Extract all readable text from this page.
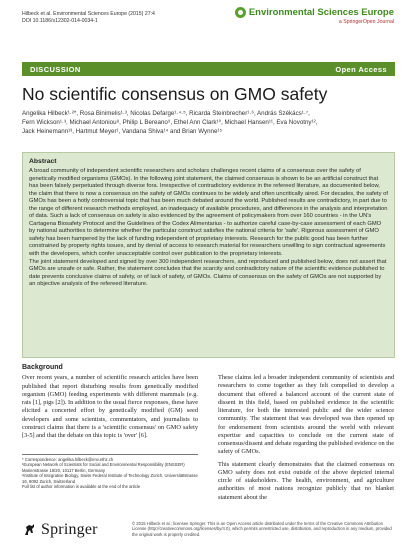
Hilbeck et al. Environmental Sciences Europe (2015) 27:4
DOI 10.1186/s12302-014-0034-1
Environmental Sciences Europe
a SpringerOpen Journal
DISCUSSION	Open Access
No scientific consensus on GMO safety
Angelika Hilbeck¹·²*, Rosa Binimelis¹·³, Nicolas Defarge¹·⁴·⁵, Ricarda Steinbrecher¹·⁶, András Székács¹·⁷,
Fern Wickson¹·³, Michael Antoniou⁸, Philip L Bereano⁹, Ethel Ann Clark¹⁰, Michael Hansen¹¹, Eva Novotny¹²,
Jack Heinemann¹³, Hartmut Meyer¹, Vandana Shiva¹⁴ and Brian Wynne¹⁵
Abstract

A broad community of independent scientific researchers and scholars challenges recent claims of a consensus over the safety of genetically modified organisms (GMOs). In the following joint statement, the claimed consensus is shown to be an artificial construct that has been falsely perpetuated through diverse fora. Irrespective of contradictory evidence in the refereed literature, as documented below, the claim that there is now a consensus on the safety of GMOs continues to be widely and often uncritically aired. For decades, the safety of GMOs has been a hotly controversial topic that has been much debated around the world. Published results are contradictory, in part due to the range of different research methods employed, an inadequacy of available procedures, and differences in the analysis and interpretation of data. Such a lack of consensus on safety is also evidenced by the agreement of policymakers from over 160 countries - in the UN's Cartagena Biosafety Protocol and the Guidelines of the Codex Alimentarius - to authorize careful case-by-case assessment of each GMO by national authorities to determine whether the particular construct satisfies the national criteria for 'safe'. Rigorous assessment of GMO safety has been hampered by the lack of funding independent of proprietary interests. Research for the public good has been further constrained by property rights issues, and by denial of access to research material for researchers unwilling to sign contractual agreements with the developers, which confer unacceptable control over publication to the proprietary interests.

The joint statement developed and signed by over 300 independent researchers, and reproduced and published below, does not assert that GMOs are unsafe or safe. Rather, the statement concludes that the scarcity and contradictory nature of the scientific evidence published to date prevents conclusive claims of safety, or of lack of safety, of GMOs. Claims of consensus on the safety of GMOs are not supported by an objective analysis of the refereed literature.

Background

Over recent years, a number of scientific research articles have been published that report disturbing results from genetically modified organism (GMO) feeding experiments with different mammals (e.g. rats [1], pigs [2]). In addition to the usual fierce responses, these have elicited a concerted effort by genetically modified (GM) seed developers and some scientists, commentators, and journalists to construct claims that there is a 'scientific consensus' on GMO safety [3-5] and that the debate on this topic is 'over' [6].

These claims led a broader independent community of scientists and researchers to come together as they felt compelled to develop a document that offered a balanced account of the current state of dissent in this field, based on published evidence in the scientific literature, for both the interested public and the wider science community. The statement that was developed was then opened up for endorsement from scientists around the world with relevant expertise and capacities to conclude on the current state of consensus/dissent and debate regarding the published evidence on the safety of GMOs.

This statement clearly demonstrates that the claimed consensus on GMO safety does not exist outside of the above depicted internal circle of stakeholders. The health, environment, and agriculture authorities of most nations recognize publicly that no blanket statement about the

* Correspondence: angelika.hilbeck@env.ethz.ch
¹European Network of Scientists for Social and Environmental Responsibility (ENSSER) Marienstrasse 19/20, 10117 Berlin, Germany
²Institute of Integrative Biology, Swiss Federal Institute of Technology Zurich, Universitätstrasse 16, 8092 Zurich, Switzerland
Full list of author information is available at the end of the article
Springer	© 2015 Hilbeck et al.; licensee Springer. This is an Open Access article distributed under the terms of the Creative Commons Attribution License (http://creativecommons.org/licenses/by/4.0), which permits unrestricted use, distribution, and reproduction in any medium, provided the original work is properly credited.
